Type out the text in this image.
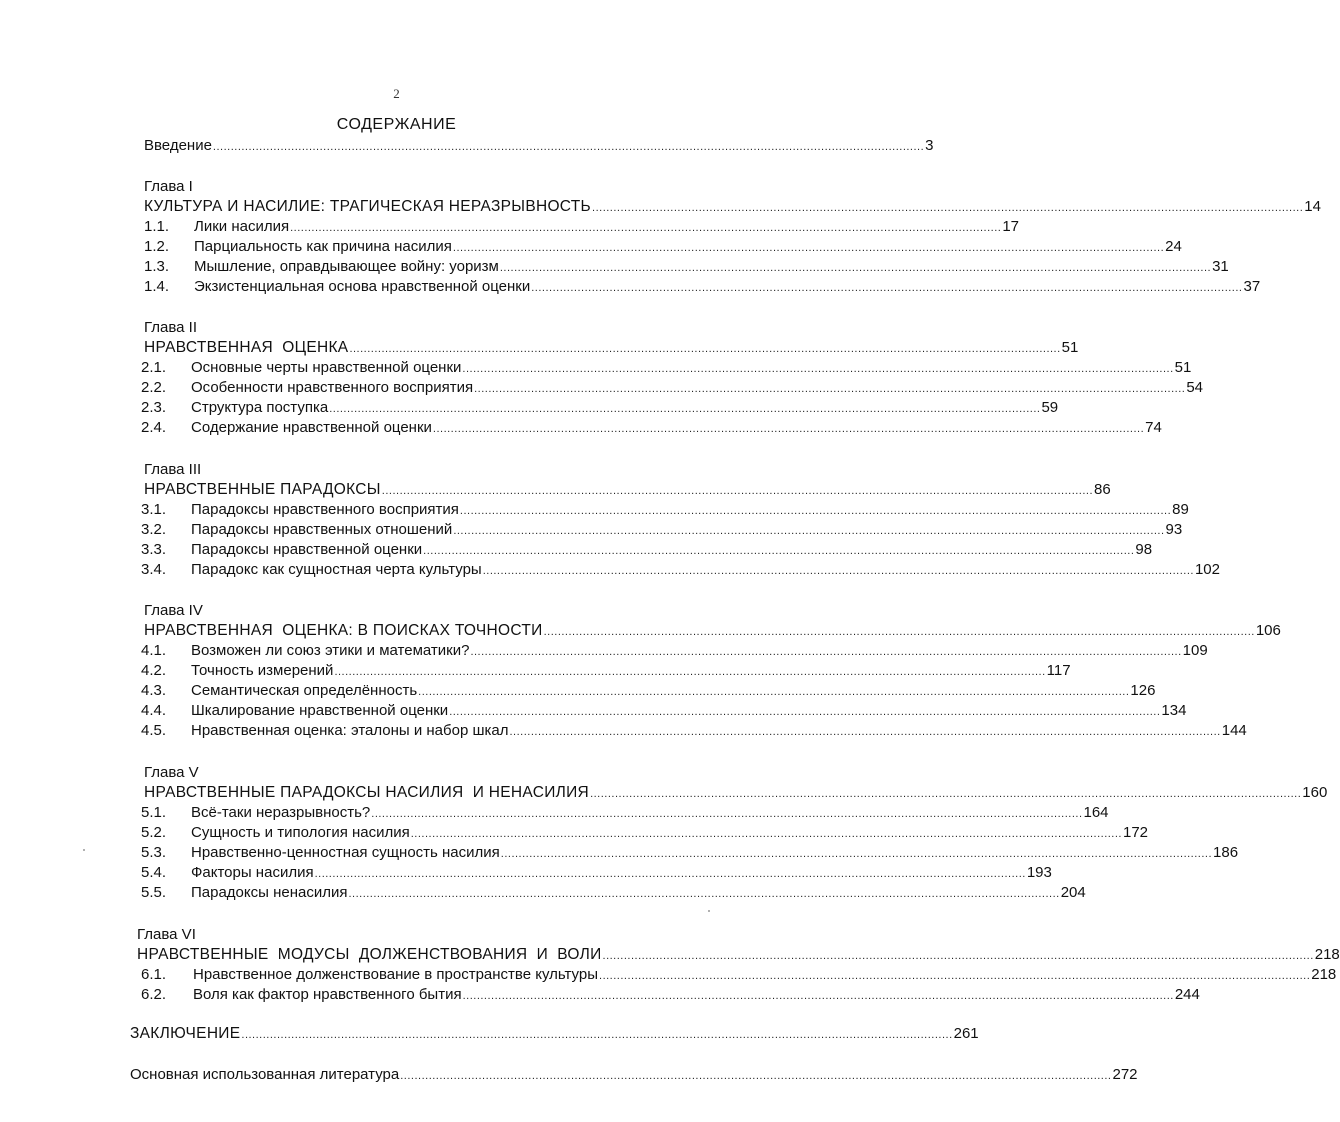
2
СОДЕРЖАНИЕ
Введение ........................................................................................................................................................................................................ 3
Глава I
КУЛЬТУРА И НАСИЛИЕ: ТРАГИЧЕСКАЯ НЕРАЗРЫВНОСТЬ ........................................................................................................................................................................................................ 14
1.1.	Лики насилия ........................................................................................................................................................................................................ 17
1.2.	Парциальность как причина насилия ........................................................................................................................................................................................................ 24
1.3.	Мышление, оправдывающее войну: уоризм ........................................................................................................................................................................................................ 31
1.4.	Экзистенциальная основа нравственной оценки ........................................................................................................................................................................................................ 37
Глава II
НРАВСТВЕННАЯ  ОЦЕНКА ........................................................................................................................................................................................................ 51
2.1.	Основные черты нравственной оценки ........................................................................................................................................................................................................ 51
2.2.	Особенности нравственного восприятия ........................................................................................................................................................................................................ 54
2.3.	Структура поступка ........................................................................................................................................................................................................ 59
2.4.	Содержание нравственной оценки ........................................................................................................................................................................................................ 74
Глава III
НРАВСТВЕННЫЕ ПАРАДОКСЫ ........................................................................................................................................................................................................ 86
3.1.	Парадоксы нравственного восприятия ........................................................................................................................................................................................................ 89
3.2.	Парадоксы нравственных отношений ........................................................................................................................................................................................................ 93
3.3.	Парадоксы нравственной оценки ........................................................................................................................................................................................................ 98
3.4.	Парадокс как сущностная черта культуры ........................................................................................................................................................................................................ 102
Глава IV
НРАВСТВЕННАЯ  ОЦЕНКА: В ПОИСКАХ ТОЧНОСТИ ........................................................................................................................................................................................................ 106
4.1.	Возможен ли союз этики и математики? ........................................................................................................................................................................................................ 109
4.2.	Точность измерений ........................................................................................................................................................................................................ 117
4.3.	Семантическая определённость ........................................................................................................................................................................................................ 126
4.4.	Шкалирование нравственной оценки ........................................................................................................................................................................................................ 134
4.5.	Нравственная оценка: эталоны и набор шкал ........................................................................................................................................................................................................ 144
Глава V
НРАВСТВЕННЫЕ ПАРАДОКСЫ НАСИЛИЯ  И НЕНАСИЛИЯ ........................................................................................................................................................................................................ 160
5.1.	Всё-таки неразрывность? ........................................................................................................................................................................................................ 164
5.2.	Сущность и типология насилия ........................................................................................................................................................................................................ 172
5.3.	Нравственно-ценностная сущность насилия ........................................................................................................................................................................................................ 186
5.4.	Факторы насилия ........................................................................................................................................................................................................ 193
5.5.	Парадоксы ненасилия ........................................................................................................................................................................................................ 204
Глава VI
НРАВСТВЕННЫЕ  МОДУСЫ  ДОЛЖЕНСТВОВАНИЯ  И  ВОЛИ ........................................................................................................................................................................................................ 218
6.1.	Нравственное долженствование в пространстве культуры ........................................................................................................................................................................................................ 218
6.2.	Воля как фактор нравственного бытия ........................................................................................................................................................................................................ 244
ЗАКЛЮЧЕНИЕ ........................................................................................................................................................................................................ 261
Основная использованная литература ........................................................................................................................................................................................................ 272
